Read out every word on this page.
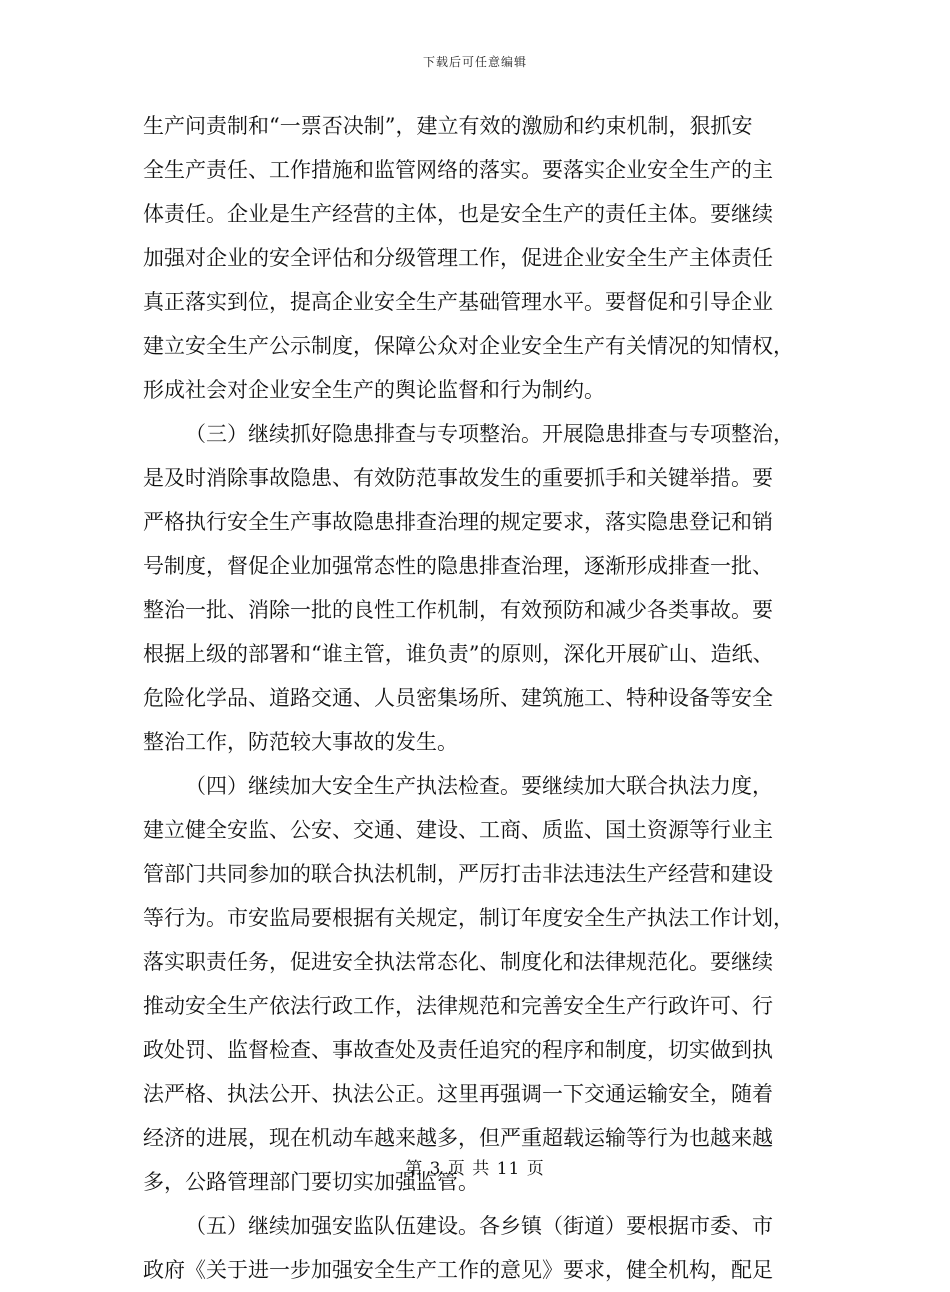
下载后可任意编辑
生产问责制和“一票否决制”，建立有效的激励和约束机制，狠抓安
全生产责任、工作措施和监管网络的落实。要落实企业安全生产的主
体责任。企业是生产经营的主体，也是安全生产的责任主体。要继续
加强对企业的安全评估和分级管理工作，促进企业安全生产主体责任
真正落实到位，提高企业安全生产基础管理水平。要督促和引导企业
建立安全生产公示制度，保障公众对企业安全生产有关情况的知情权，
形成社会对企业安全生产的舆论监督和行为制约。
（三）继续抓好隐患排查与专项整治。开展隐患排查与专项整治，
是及时消除事故隐患、有效防范事故发生的重要抓手和关键举措。要
严格执行安全生产事故隐患排查治理的规定要求，落实隐患登记和销
号制度，督促企业加强常态性的隐患排查治理，逐渐形成排查一批、
整治一批、消除一批的良性工作机制，有效预防和减少各类事故。要
根据上级的部署和“谁主管，谁负责”的原则，深化开展矿山、造纸、
危险化学品、道路交通、人员密集场所、建筑施工、特种设备等安全
整治工作，防范较大事故的发生。
（四）继续加大安全生产执法检查。要继续加大联合执法力度，
建立健全安监、公安、交通、建设、工商、质监、国土资源等行业主
管部门共同参加的联合执法机制，严厉打击非法违法生产经营和建设
等行为。市安监局要根据有关规定，制订年度安全生产执法工作计划，
落实职责任务，促进安全执法常态化、制度化和法律规范化。要继续
推动安全生产依法行政工作，法律规范和完善安全生产行政许可、行
政处罚、监督检查、事故查处及责任追究的程序和制度，切实做到执
法严格、执法公开、执法公正。这里再强调一下交通运输安全，随着
经济的进展，现在机动车越来越多，但严重超载运输等行为也越来越
多，公路管理部门要切实加强监管。
（五）继续加强安监队伍建设。各乡镇（街道）要根据市委、市
政府《关于进一步加强安全生产工作的意见》要求，健全机构，配足
第 3 页 共 11 页
